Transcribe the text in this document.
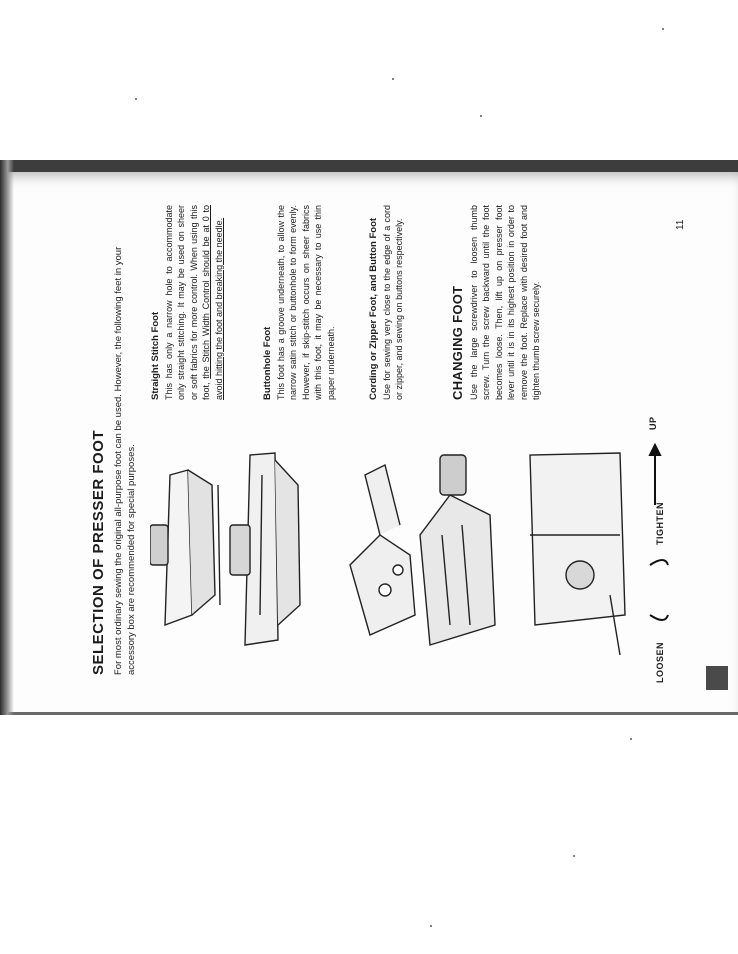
SELECTION OF PRESSER FOOT For most ordinary sewing the original all-purpose foot can be used. However, the following feet in your accessory box are recommended for special purposes.

UP
LOOSEN
TIGHTEN
Straight Stitch Foot This has only a narrow hole to accommodate only straight stitching. It may be used on sheer or soft fabrics for more control. When using this foot, the Stitch Width Control should be at 0 to avoid hitting the foot and breaking the needle.	Buttonhole Foot This foot has a groove underneath, to allow the narrow satin stitch or buttonhole to form evenly. However, if skip-stitch occurs on sheer fabrics with this foot, it may be necessary to use thin paper underneath.	Cording or Zipper Foot, and Button Foot Use for sewing very close to the edge of a cord or zipper, and sewing on buttons respectively.	CHANGING FOOT Use the large screwdriver to loosen thumb screw. Turn the screw backward until the foot becomes loose. Then, lift up on presser foot lever until it is in its highest position in order to remove the foot. Replace with desired foot and tighten thumb screw securely.

11
